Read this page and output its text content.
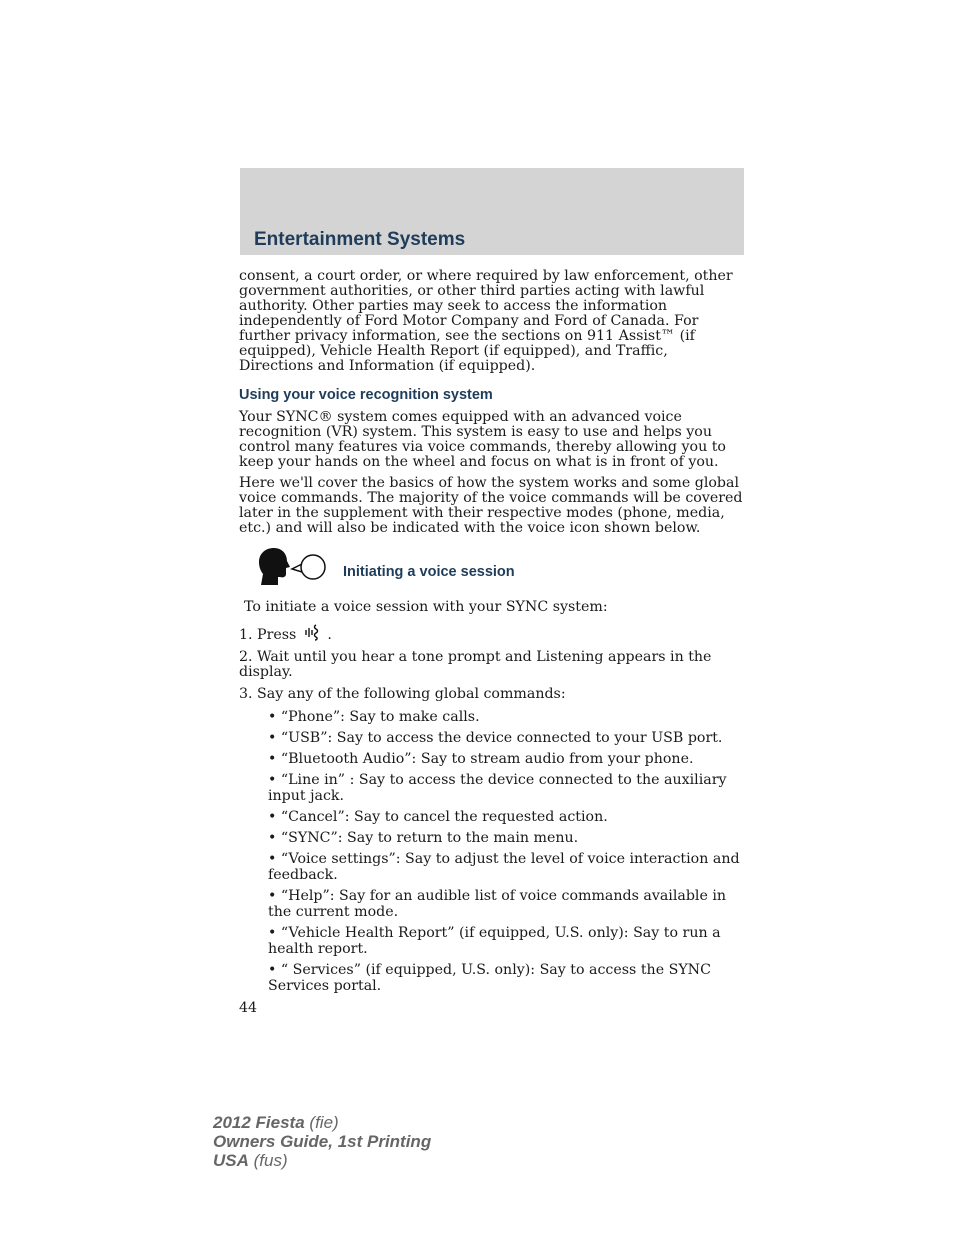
Entertainment Systems

consent, a court order, or where required by law enforcement, other government authorities, or other third parties acting with lawful authority. Other parties may seek to access the information independently of Ford Motor Company and Ford of Canada. For further privacy information, see the sections on 911 Assist™ (if equipped), Vehicle Health Report (if equipped), and Traffic, Directions and Information (if equipped).

Using your voice recognition system

Your SYNC® system comes equipped with an advanced voice recognition (VR) system. This system is easy to use and helps you control many features via voice commands, thereby allowing you to keep your hands on the wheel and focus on what is in front of you.

Here we'll cover the basics of how the system works and some global voice commands. The majority of the voice commands will be covered later in the supplement with their respective modes (phone, media, etc.) and will also be indicated with the voice icon shown below.

Initiating a voice session

To initiate a voice session with your SYNC system:

1. Press .

2. Wait until you hear a tone prompt and Listening appears in the display.

3. Say any of the following global commands:

• “Phone”: Say to make calls.
• “USB”: Say to access the device connected to your USB port.
• “Bluetooth Audio”: Say to stream audio from your phone.
• “Line in” : Say to access the device connected to the auxiliary input jack.
• “Cancel”: Say to cancel the requested action.
• “SYNC”: Say to return to the main menu.
• “Voice settings”: Say to adjust the level of voice interaction and feedback.
• “Help”: Say for an audible list of voice commands available in the current mode.
• “Vehicle Health Report” (if equipped, U.S. only): Say to run a health report.
• “ Services” (if equipped, U.S. only): Say to access the SYNC Services portal.

44

2012 Fiesta (fie)
Owners Guide, 1st Printing
USA (fus)
